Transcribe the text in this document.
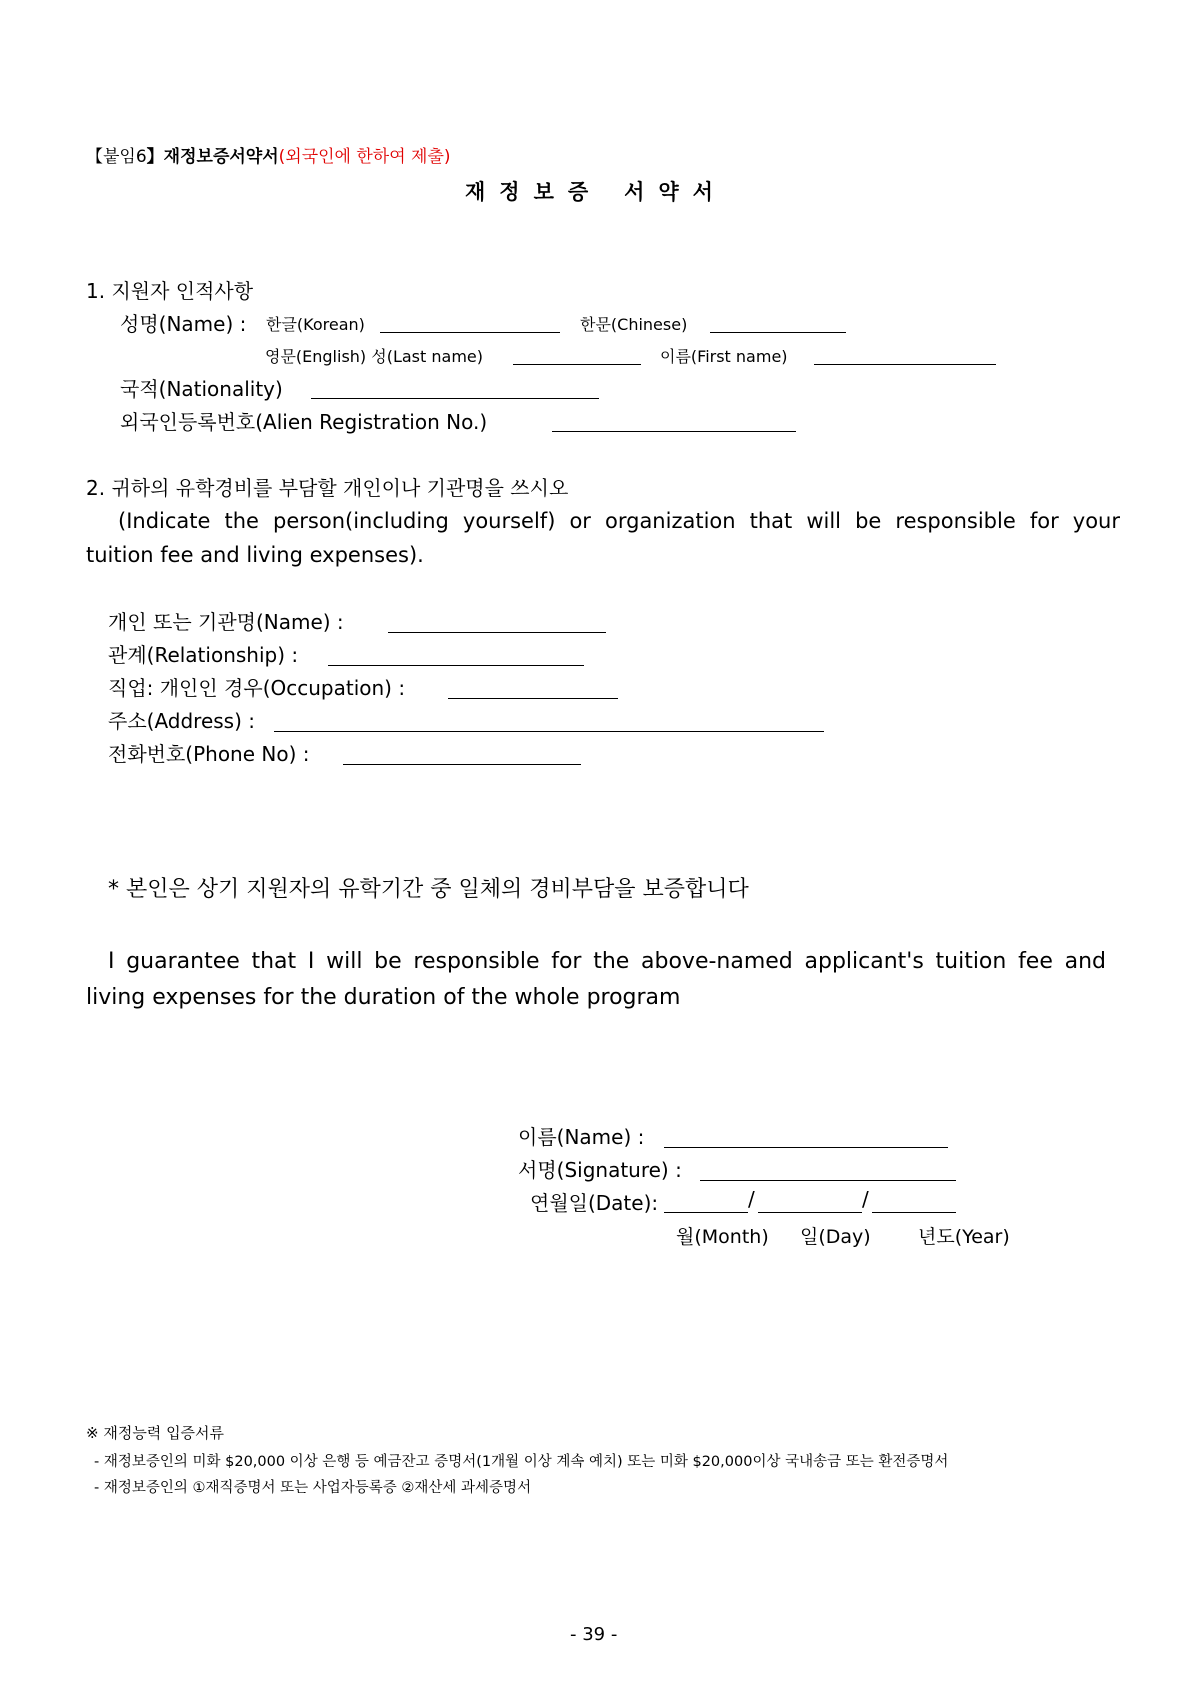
【붙임6】재정보증서약서(외국인에 한하여 제출)
재정보증 서약서
1. 지원자 인적사항
성명(Name) : 한글(Korean)	한문(Chinese)
영문(English) 성(Last name)	이름(First name)
국적(Nationality)
외국인등록번호(Alien Registration No.)
2. 귀하의 유학경비를 부담할 개인이나 기관명을 쓰시오
(Indicate the person(including yourself) or organization that will be responsible for your
tuition fee and living expenses).
개인 또는 기관명(Name) :
관계(Relationship) :
직업: 개인인 경우(Occupation) :
주소(Address) :
전화번호(Phone No) :
* 본인은 상기 지원자의 유학기간 중 일체의 경비부담을 보증합니다
I guarantee that I will be responsible for the above-named applicant's tuition fee and
living expenses for the duration of the whole program
이름(Name) :
서명(Signature) :
연월일(Date):	/	/
월(Month) 일(Day) 년도(Year)
※ 재정능력 입증서류
- 재정보증인의 미화 $20,000 이상 은행 등 예금잔고 증명서(1개월 이상 계속 예치) 또는 미화 $20,000이상 국내송금 또는 환전증명서
- 재정보증인의 ①재직증명서 또는 사업자등록증 ②재산세 과세증명서
- 39 -
